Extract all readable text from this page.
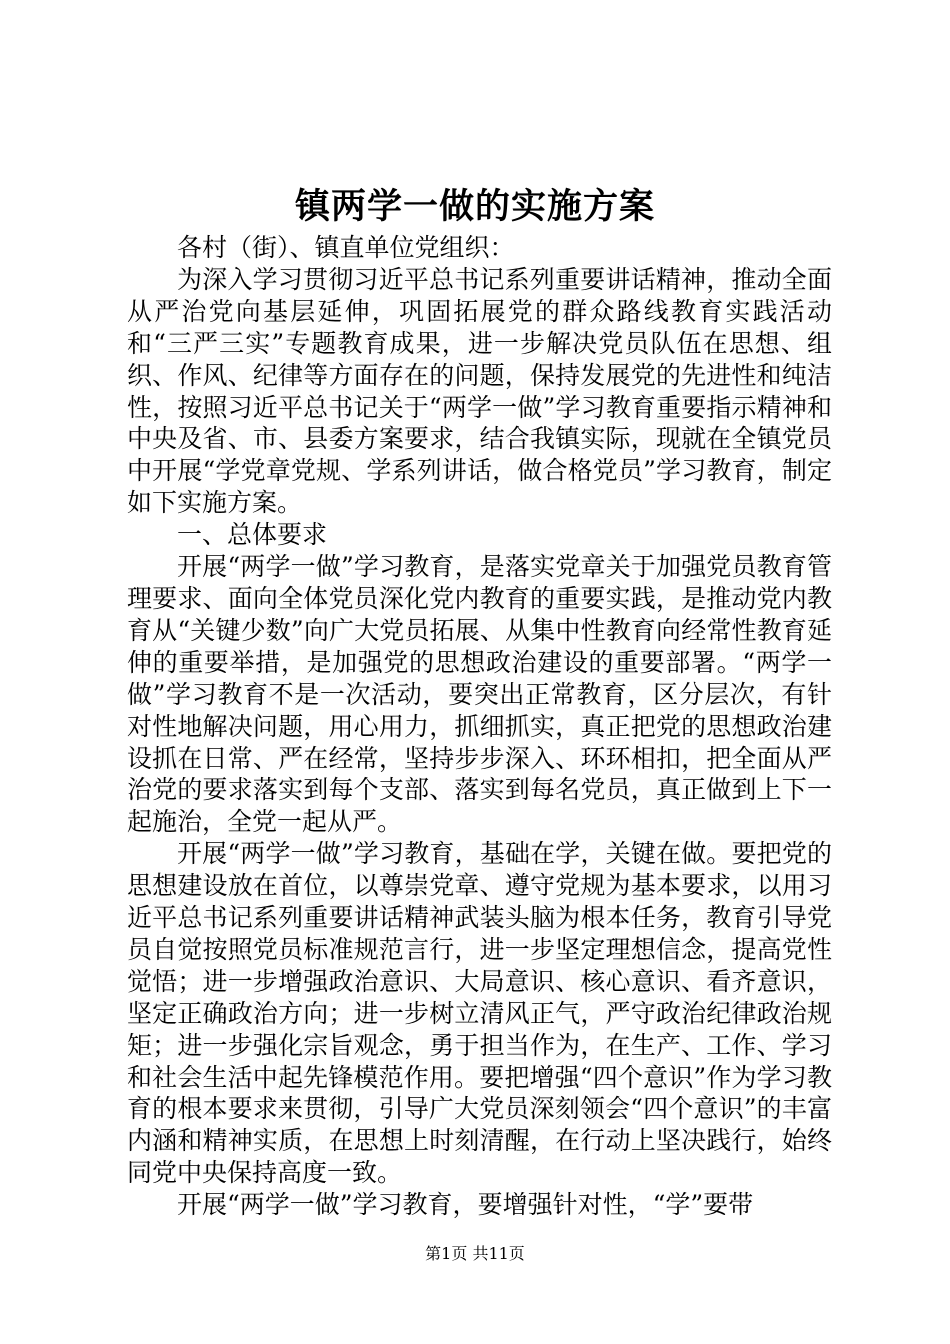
镇两学一做的实施方案

各村（街）、镇直单位党组织：

为深入学习贯彻习近平总书记系列重要讲话精神，推动全面从严治党向基层延伸，巩固拓展党的群众路线教育实践活动和“三严三实”专题教育成果，进一步解决党员队伍在思想、组织、作风、纪律等方面存在的问题，保持发展党的先进性和纯洁性，按照习近平总书记关于“两学一做”学习教育重要指示精神和中央及省、市、县委方案要求，结合我镇实际，现就在全镇党员中开展“学党章党规、学系列讲话，做合格党员”学习教育，制定如下实施方案。

一、总体要求

开展“两学一做”学习教育，是落实党章关于加强党员教育管理要求、面向全体党员深化党内教育的重要实践，是推动党内教育从“关键少数”向广大党员拓展、从集中性教育向经常性教育延伸的重要举措，是加强党的思想政治建设的重要部署。“两学一做”学习教育不是一次活动，要突出正常教育，区分层次，有针对性地解决问题，用心用力，抓细抓实，真正把党的思想政治建设抓在日常、严在经常，坚持步步深入、环环相扣，把全面从严治党的要求落实到每个支部、落实到每名党员，真正做到上下一起施治，全党一起从严。

开展“两学一做”学习教育，基础在学，关键在做。要把党的思想建设放在首位，以尊崇党章、遵守党规为基本要求，以用习近平总书记系列重要讲话精神武装头脑为根本任务，教育引导党员自觉按照党员标准规范言行，进一步坚定理想信念，提高党性觉悟；进一步增强政治意识、大局意识、核心意识、看齐意识，坚定正确政治方向；进一步树立清风正气，严守政治纪律政治规矩；进一步强化宗旨观念，勇于担当作为，在生产、工作、学习和社会生活中起先锋模范作用。要把增强“四个意识”作为学习教育的根本要求来贯彻，引导广大党员深刻领会“四个意识”的丰富内涵和精神实质，在思想上时刻清醒，在行动上坚决践行，始终同党中央保持高度一致。

开展“两学一做”学习教育，要增强针对性，“学”要带

第1页 共11页
